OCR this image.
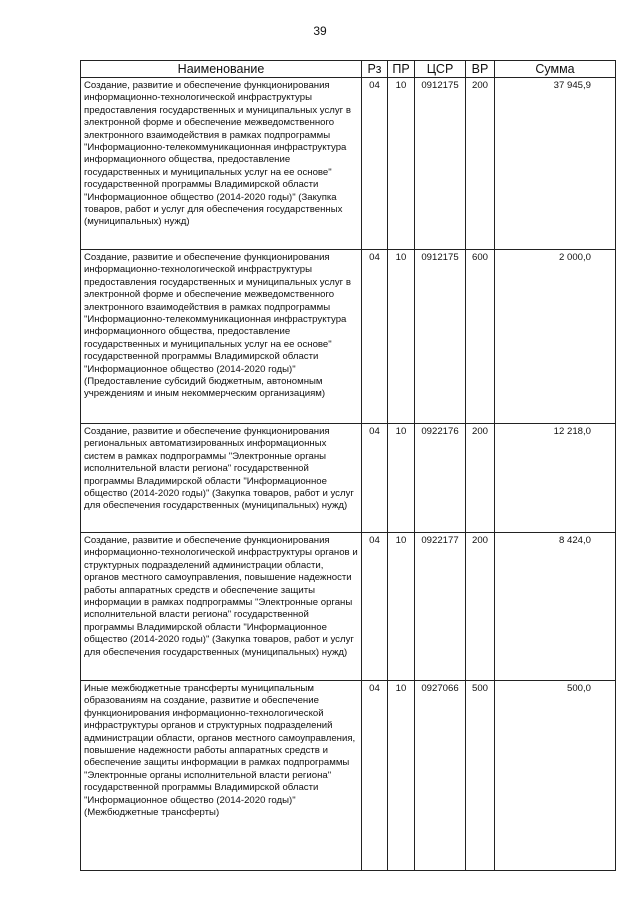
39
Наименование	Рз	ПР	ЦСР	ВР	Сумма
Создание, развитие и обеспечение функционирования информационно-технологической инфраструктуры предоставления государственных и муниципальных услуг в электронной форме и обеспечение межведомственного электронного взаимодействия в рамках подпрограммы "Информационно-телекоммуникационная инфраструктура информационного общества, предоставление государственных и муниципальных услуг на ее основе" государственной программы Владимирской области "Информационное общество (2014-2020 годы)" (Закупка товаров, работ и услуг для обеспечения государственных (муниципальных) нужд)	04	10	0912175	200	37 945,9
Создание, развитие и обеспечение функционирования информационно-технологической инфраструктуры предоставления государственных и муниципальных услуг в электронной форме и обеспечение межведомственного электронного взаимодействия в рамках подпрограммы "Информационно-телекоммуникационная инфраструктура информационного общества, предоставление государственных и муниципальных услуг на ее основе" государственной программы Владимирской области "Информационное общество (2014-2020 годы)" (Предоставление субсидий бюджетным, автономным учреждениям и иным некоммерческим организациям)	04	10	0912175	600	2 000,0
Создание, развитие и обеспечение функционирования региональных автоматизированных информационных систем в рамках подпрограммы "Электронные органы исполнительной власти региона" государственной программы Владимирской области "Информационное общество (2014-2020 годы)" (Закупка товаров, работ и услуг для обеспечения государственных (муниципальных) нужд)	04	10	0922176	200	12 218,0
Создание, развитие и обеспечение функционирования информационно-технологической инфраструктуры органов и структурных подразделений администрации области, органов местного самоуправления, повышение надежности работы аппаратных средств и обеспечение защиты информации в рамках подпрограммы "Электронные органы исполнительной власти региона" государственной программы Владимирской области "Информационное общество (2014-2020 годы)" (Закупка товаров, работ и услуг для обеспечения государственных (муниципальных) нужд)	04	10	0922177	200	8 424,0
Иные межбюджетные трансферты муниципальным образованиям на создание, развитие и обеспечение функционирования информационно-технологической инфраструктуры органов и структурных подразделений администрации области, органов местного самоуправления, повышение надежности работы аппаратных средств и обеспечение защиты информации в рамках подпрограммы "Электронные органы исполнительной власти региона" государственной программы Владимирской области "Информационное общество (2014-2020 годы)" (Межбюджетные трансферты)	04	10	0927066	500	500,0
